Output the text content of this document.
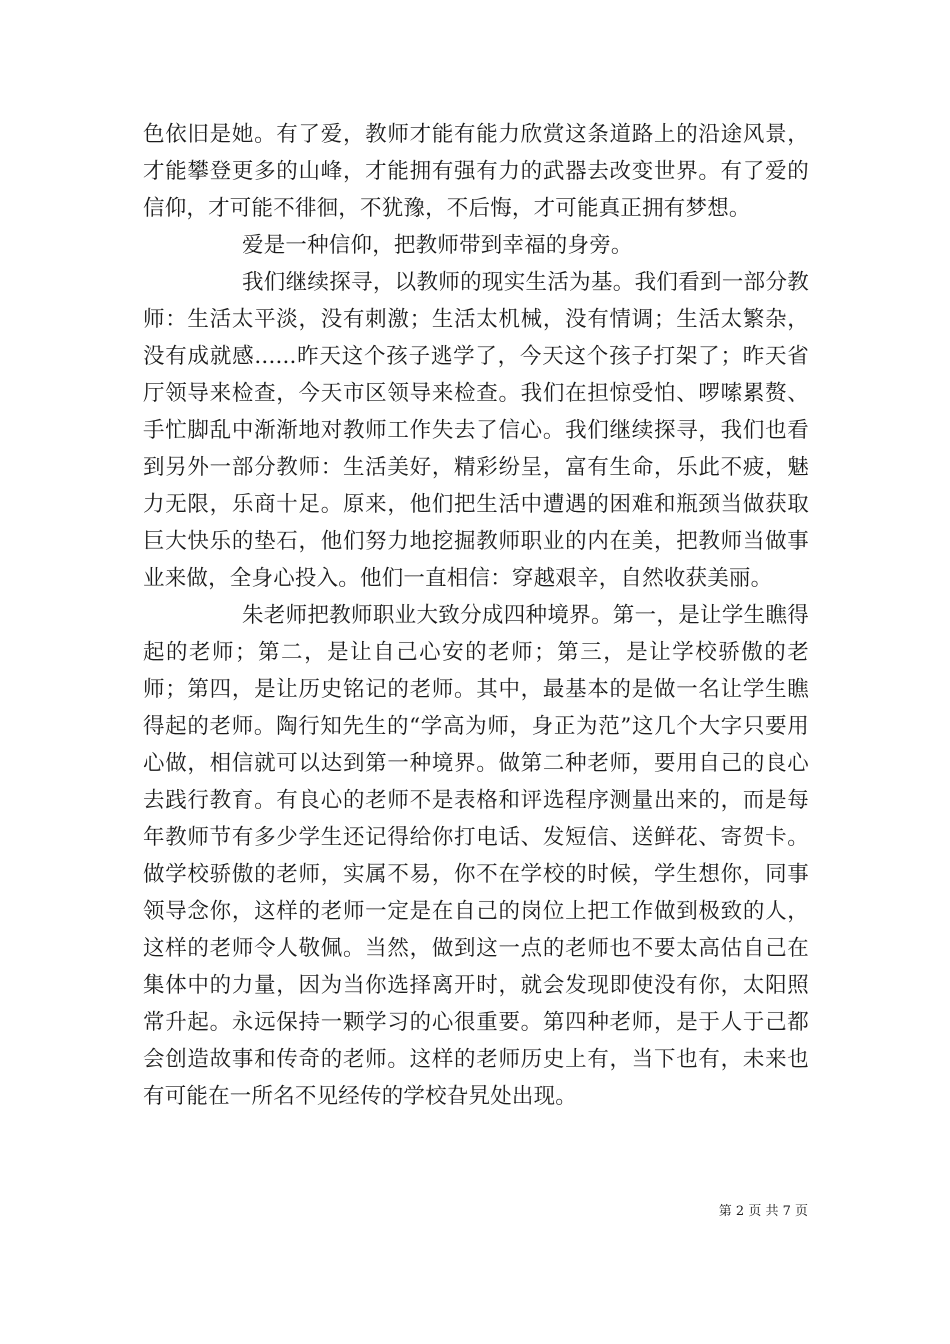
色依旧是她。有了爱，教师才能有能力欣赏这条道路上的沿途风景，才能攀登更多的山峰，才能拥有强有力的武器去改变世界。有了爱的信仰，才可能不徘徊，不犹豫，不后悔，才可能真正拥有梦想。

爱是一种信仰，把教师带到幸福的身旁。

我们继续探寻，以教师的现实生活为基。我们看到一部分教师：生活太平淡，没有刺激；生活太机械，没有情调；生活太繁杂，没有成就感......昨天这个孩子逃学了，今天这个孩子打架了；昨天省厅领导来检查，今天市区领导来检查。我们在担惊受怕、啰嗦累赘、手忙脚乱中渐渐地对教师工作失去了信心。我们继续探寻，我们也看到另外一部分教师：生活美好，精彩纷呈，富有生命，乐此不疲，魅力无限，乐商十足。原来，他们把生活中遭遇的困难和瓶颈当做获取巨大快乐的垫石，他们努力地挖掘教师职业的内在美，把教师当做事业来做，全身心投入。他们一直相信：穿越艰辛，自然收获美丽。

朱老师把教师职业大致分成四种境界。第一，是让学生瞧得起的老师；第二，是让自己心安的老师；第三，是让学校骄傲的老师；第四，是让历史铭记的老师。其中，最基本的是做一名让学生瞧得起的老师。陶行知先生的“学高为师，身正为范”这几个大字只要用心做，相信就可以达到第一种境界。做第二种老师，要用自己的良心去践行教育。有良心的老师不是表格和评选程序测量出来的，而是每年教师节有多少学生还记得给你打电话、发短信、送鲜花、寄贺卡。做学校骄傲的老师，实属不易，你不在学校的时候，学生想你，同事领导念你，这样的老师一定是在自己的岗位上把工作做到极致的人，这样的老师令人敬佩。当然，做到这一点的老师也不要太高估自己在集体中的力量，因为当你选择离开时，就会发现即使没有你，太阳照常升起。永远保持一颗学习的心很重要。第四种老师，是于人于己都会创造故事和传奇的老师。这样的老师历史上有，当下也有，未来也有可能在一所名不见经传的学校旮旯处出现。

第 2 页 共 7 页
